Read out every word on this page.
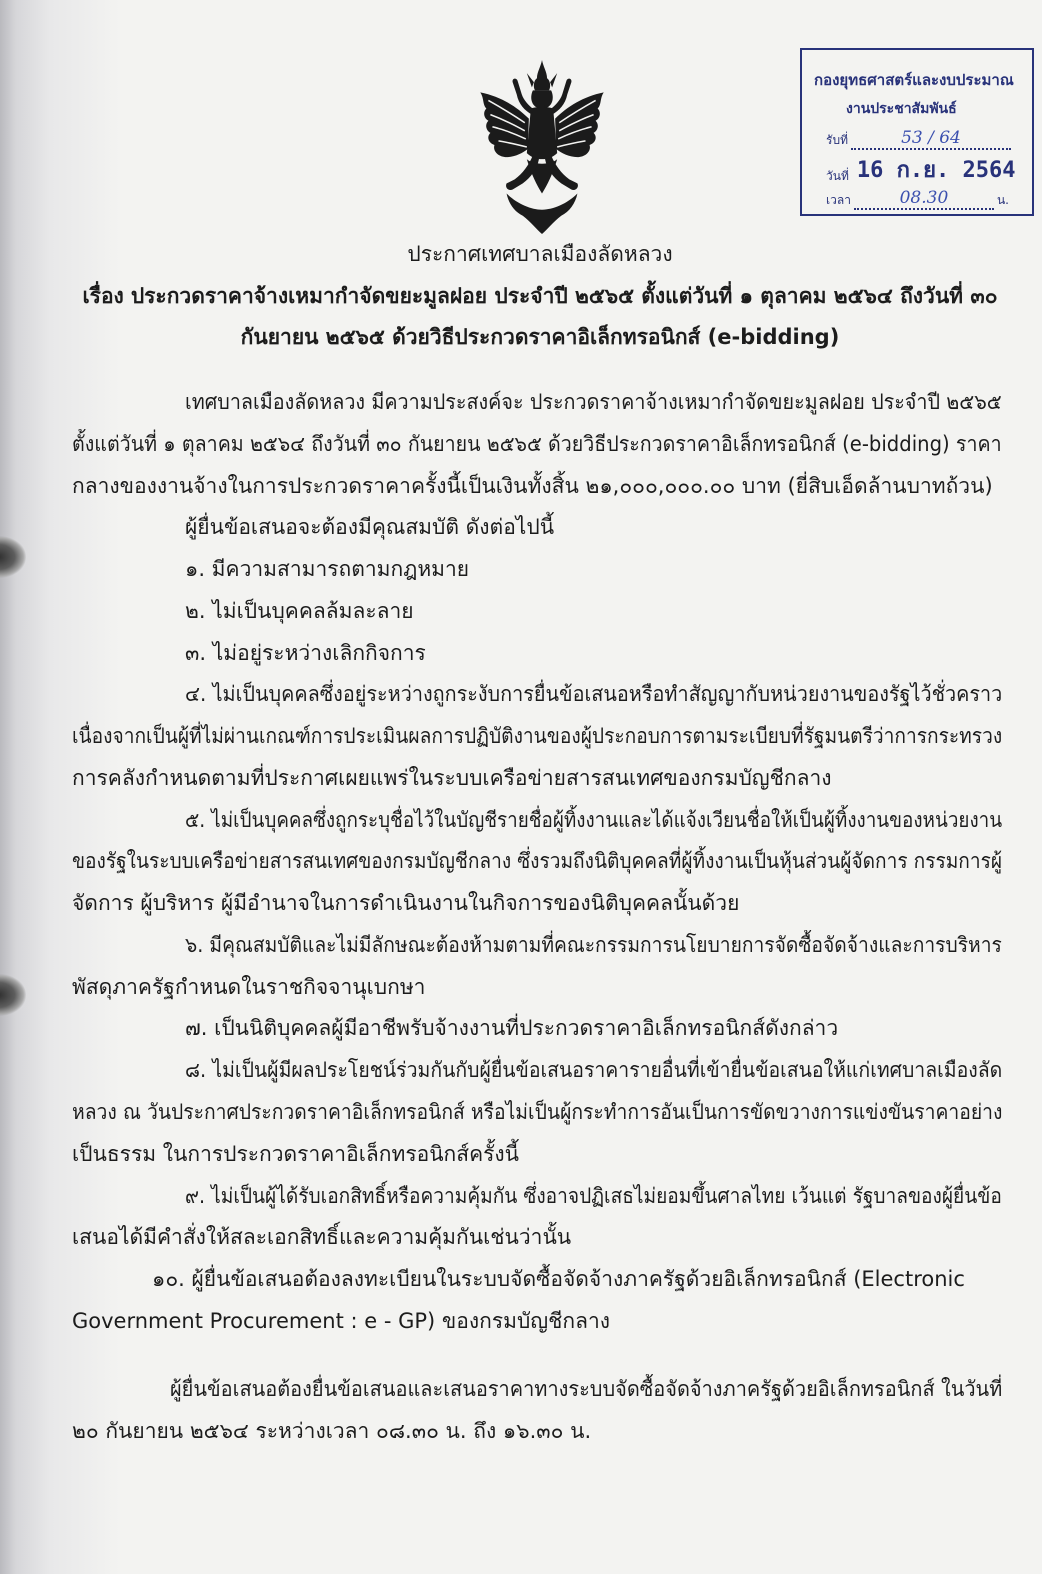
กองยุทธศาสตร์และงบประมาณ
งานประชาสัมพันธ์
รับที่	53 / 64
วันที่ 16 ก.ย. 2564
เวลา	08.30	น.
ประกาศเทศบาลเมืองลัดหลวง
เรื่อง ประกวดราคาจ้างเหมากำจัดขยะมูลฝอย ประจำปี ๒๕๖๕ ตั้งแต่วันที่ ๑ ตุลาคม ๒๕๖๔ ถึงวันที่ ๓๐
กันยายน ๒๕๖๕ ด้วยวิธีประกวดราคาอิเล็กทรอนิกส์ (e-bidding)
เทศบาลเมืองลัดหลวง มีความประสงค์จะ ประกวดราคาจ้างเหมากำจัดขยะมูลฝอย ประจำปี ๒๕๖๕
ตั้งแต่วันที่ ๑ ตุลาคม ๒๕๖๔ ถึงวันที่ ๓๐ กันยายน ๒๕๖๕ ด้วยวิธีประกวดราคาอิเล็กทรอนิกส์ (e-bidding) ราคา
กลางของงานจ้างในการประกวดราคาครั้งนี้เป็นเงินทั้งสิ้น ๒๑,๐๐๐,๐๐๐.๐๐ บาท (ยี่สิบเอ็ดล้านบาทถ้วน)
ผู้ยื่นข้อเสนอจะต้องมีคุณสมบัติ ดังต่อไปนี้
๑. มีความสามารถตามกฎหมาย
๒. ไม่เป็นบุคคลล้มละลาย
๓. ไม่อยู่ระหว่างเลิกกิจการ
๔. ไม่เป็นบุคคลซึ่งอยู่ระหว่างถูกระงับการยื่นข้อเสนอหรือทำสัญญากับหน่วยงานของรัฐไว้ชั่วคราว
เนื่องจากเป็นผู้ที่ไม่ผ่านเกณฑ์การประเมินผลการปฏิบัติงานของผู้ประกอบการตามระเบียบที่รัฐมนตรีว่าการกระทรวง
การคลังกำหนดตามที่ประกาศเผยแพร่ในระบบเครือข่ายสารสนเทศของกรมบัญชีกลาง
๕. ไม่เป็นบุคคลซึ่งถูกระบุชื่อไว้ในบัญชีรายชื่อผู้ทิ้งงานและได้แจ้งเวียนชื่อให้เป็นผู้ทิ้งงานของหน่วยงาน
ของรัฐในระบบเครือข่ายสารสนเทศของกรมบัญชีกลาง ซึ่งรวมถึงนิติบุคคลที่ผู้ทิ้งงานเป็นหุ้นส่วนผู้จัดการ กรรมการผู้
จัดการ ผู้บริหาร ผู้มีอำนาจในการดำเนินงานในกิจการของนิติบุคคลนั้นด้วย
๖. มีคุณสมบัติและไม่มีลักษณะต้องห้ามตามที่คณะกรรมการนโยบายการจัดซื้อจัดจ้างและการบริหาร
พัสดุภาครัฐกำหนดในราชกิจจานุเบกษา
๗. เป็นนิติบุคคลผู้มีอาชีพรับจ้างงานที่ประกวดราคาอิเล็กทรอนิกส์ดังกล่าว
๘. ไม่เป็นผู้มีผลประโยชน์ร่วมกันกับผู้ยื่นข้อเสนอราคารายอื่นที่เข้ายื่นข้อเสนอให้แก่เทศบาลเมืองลัด
หลวง ณ วันประกาศประกวดราคาอิเล็กทรอนิกส์ หรือไม่เป็นผู้กระทำการอันเป็นการขัดขวางการแข่งขันราคาอย่าง
เป็นธรรม ในการประกวดราคาอิเล็กทรอนิกส์ครั้งนี้
๙. ไม่เป็นผู้ได้รับเอกสิทธิ์หรือความคุ้มกัน ซึ่งอาจปฏิเสธไม่ยอมขึ้นศาลไทย เว้นแต่ รัฐบาลของผู้ยื่นข้อ
เสนอได้มีคำสั่งให้สละเอกสิทธิ์และความคุ้มกันเช่นว่านั้น
๑๐. ผู้ยื่นข้อเสนอต้องลงทะเบียนในระบบจัดซื้อจัดจ้างภาครัฐด้วยอิเล็กทรอนิกส์ (Electronic
Government Procurement : e - GP) ของกรมบัญชีกลาง
ผู้ยื่นข้อเสนอต้องยื่นข้อเสนอและเสนอราคาทางระบบจัดซื้อจัดจ้างภาครัฐด้วยอิเล็กทรอนิกส์ ในวันที่
๒๐ กันยายน ๒๕๖๔ ระหว่างเวลา ๐๘.๓๐ น. ถึง ๑๖.๓๐ น.
